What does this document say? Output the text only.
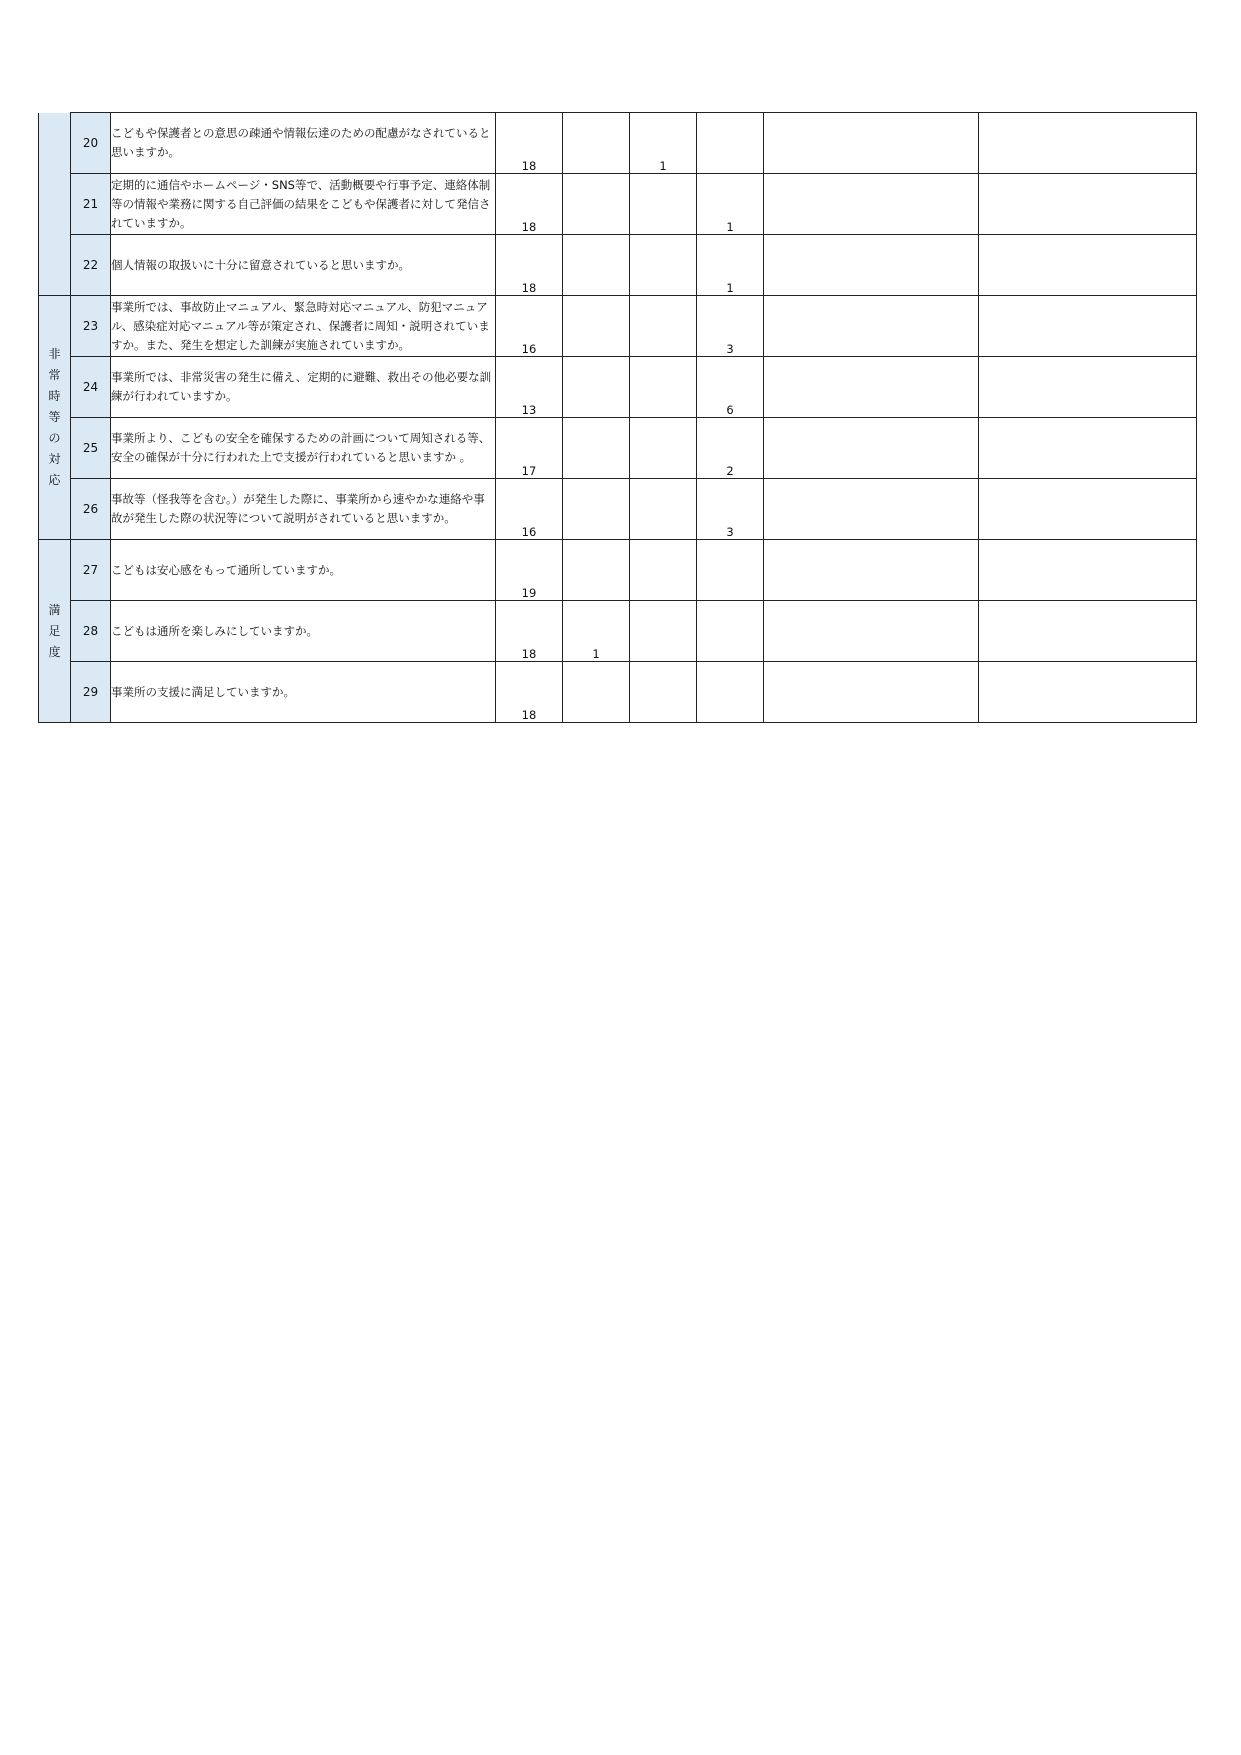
	20	こどもや保護者との意思の疎通や情報伝達のための配慮がなされていると思いますか。	18		1			
	21	定期的に通信やホームページ・SNS等で、活動概要や行事予定、連絡体制等の情報や業務に関する自己評価の結果をこどもや保護者に対して発信されていますか。	18			1		
	22	個人情報の取扱いに十分に留意されていると思いますか。	18			1		
非常時等の対応	23	事業所では、事故防止マニュアル、緊急時対応マニュアル、防犯マニュアル、感染症対応マニュアル等が策定され、保護者に周知・説明されていますか。また、発生を想定した訓練が実施されていますか。	16			3		
	24	事業所では、非常災害の発生に備え、定期的に避難、救出その他必要な訓練が行われていますか。	13			6		
	25	事業所より、こどもの安全を確保するための計画について周知される等、安全の確保が十分に行われた上で支援が行われていると思いますか 。	17			2		
	26	事故等（怪我等を含む。）が発生した際に、事業所から速やかな連絡や事故が発生した際の状況等について説明がされていると思いますか。	16			3		
満足度	27	こどもは安心感をもって通所していますか。	19					
	28	こどもは通所を楽しみにしていますか。	18	1				
	29	事業所の支援に満足していますか。	18					
